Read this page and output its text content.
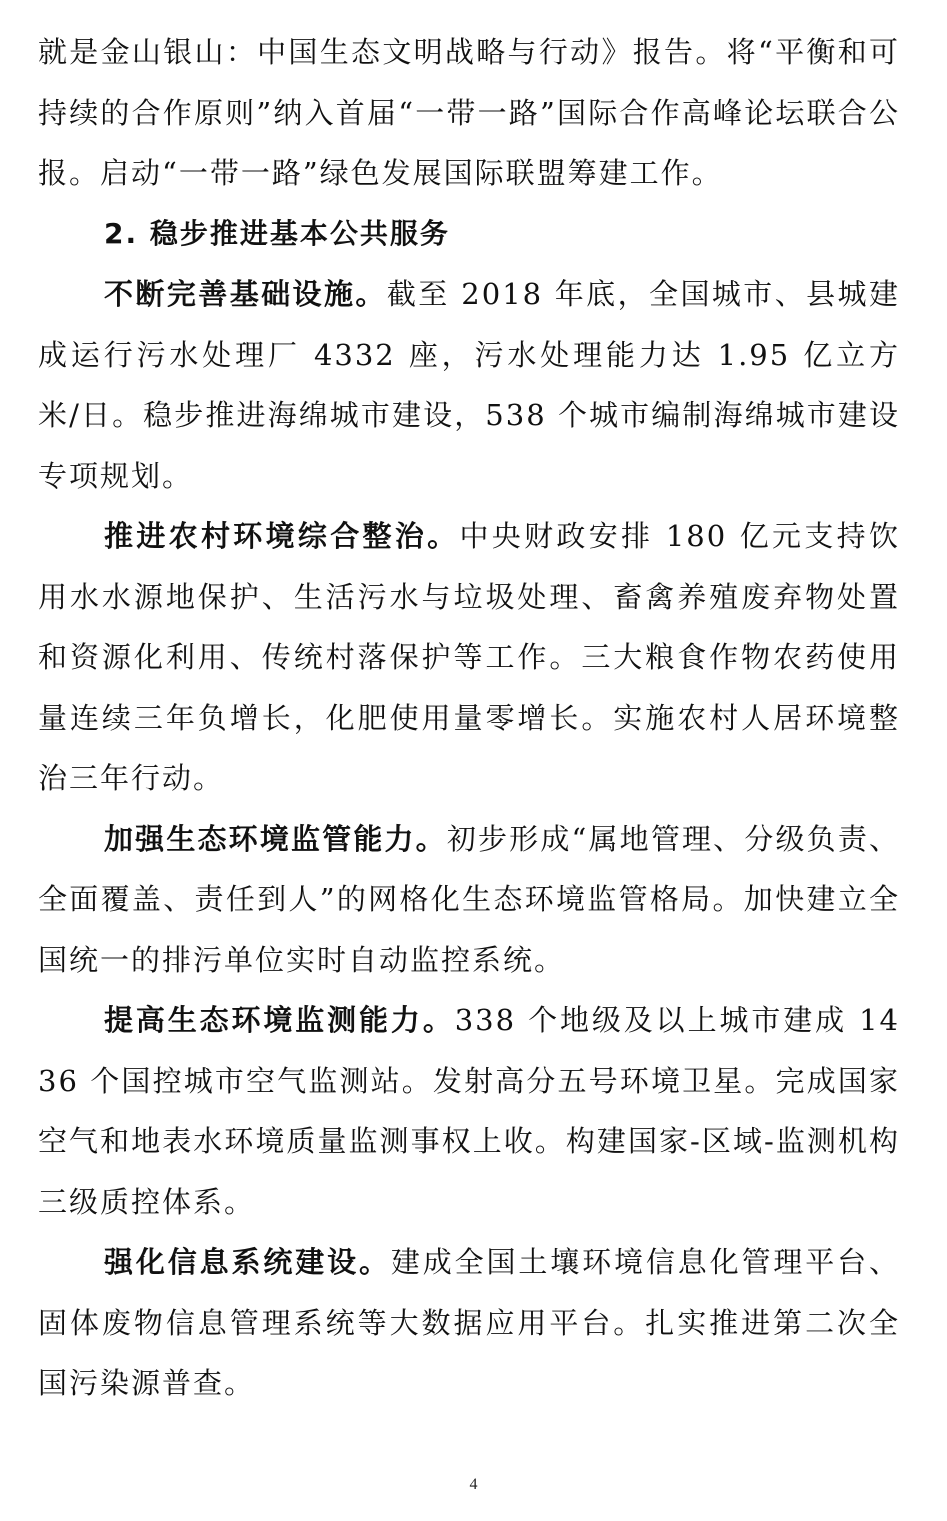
就是金山银山：中国生态文明战略与行动》报告。将“平衡和可持续的合作原则”纳入首届“一带一路”国际合作高峰论坛联合公报。启动“一带一路”绿色发展国际联盟筹建工作。

2. 稳步推进基本公共服务

不断完善基础设施。截至 2018 年底，全国城市、县城建成运行污水处理厂 4332 座，污水处理能力达 1.95 亿立方米/日。稳步推进海绵城市建设，538 个城市编制海绵城市建设专项规划。

推进农村环境综合整治。中央财政安排 180 亿元支持饮用水水源地保护、生活污水与垃圾处理、畜禽养殖废弃物处置和资源化利用、传统村落保护等工作。三大粮食作物农药使用量连续三年负增长，化肥使用量零增长。实施农村人居环境整治三年行动。

加强生态环境监管能力。初步形成“属地管理、分级负责、全面覆盖、责任到人”的网格化生态环境监管格局。加快建立全国统一的排污单位实时自动监控系统。

提高生态环境监测能力。338 个地级及以上城市建成 1436 个国控城市空气监测站。发射高分五号环境卫星。完成国家空气和地表水环境质量监测事权上收。构建国家-区域-监测机构三级质控体系。

强化信息系统建设。建成全国土壤环境信息化管理平台、固体废物信息管理系统等大数据应用平台。扎实推进第二次全国污染源普查。

4
